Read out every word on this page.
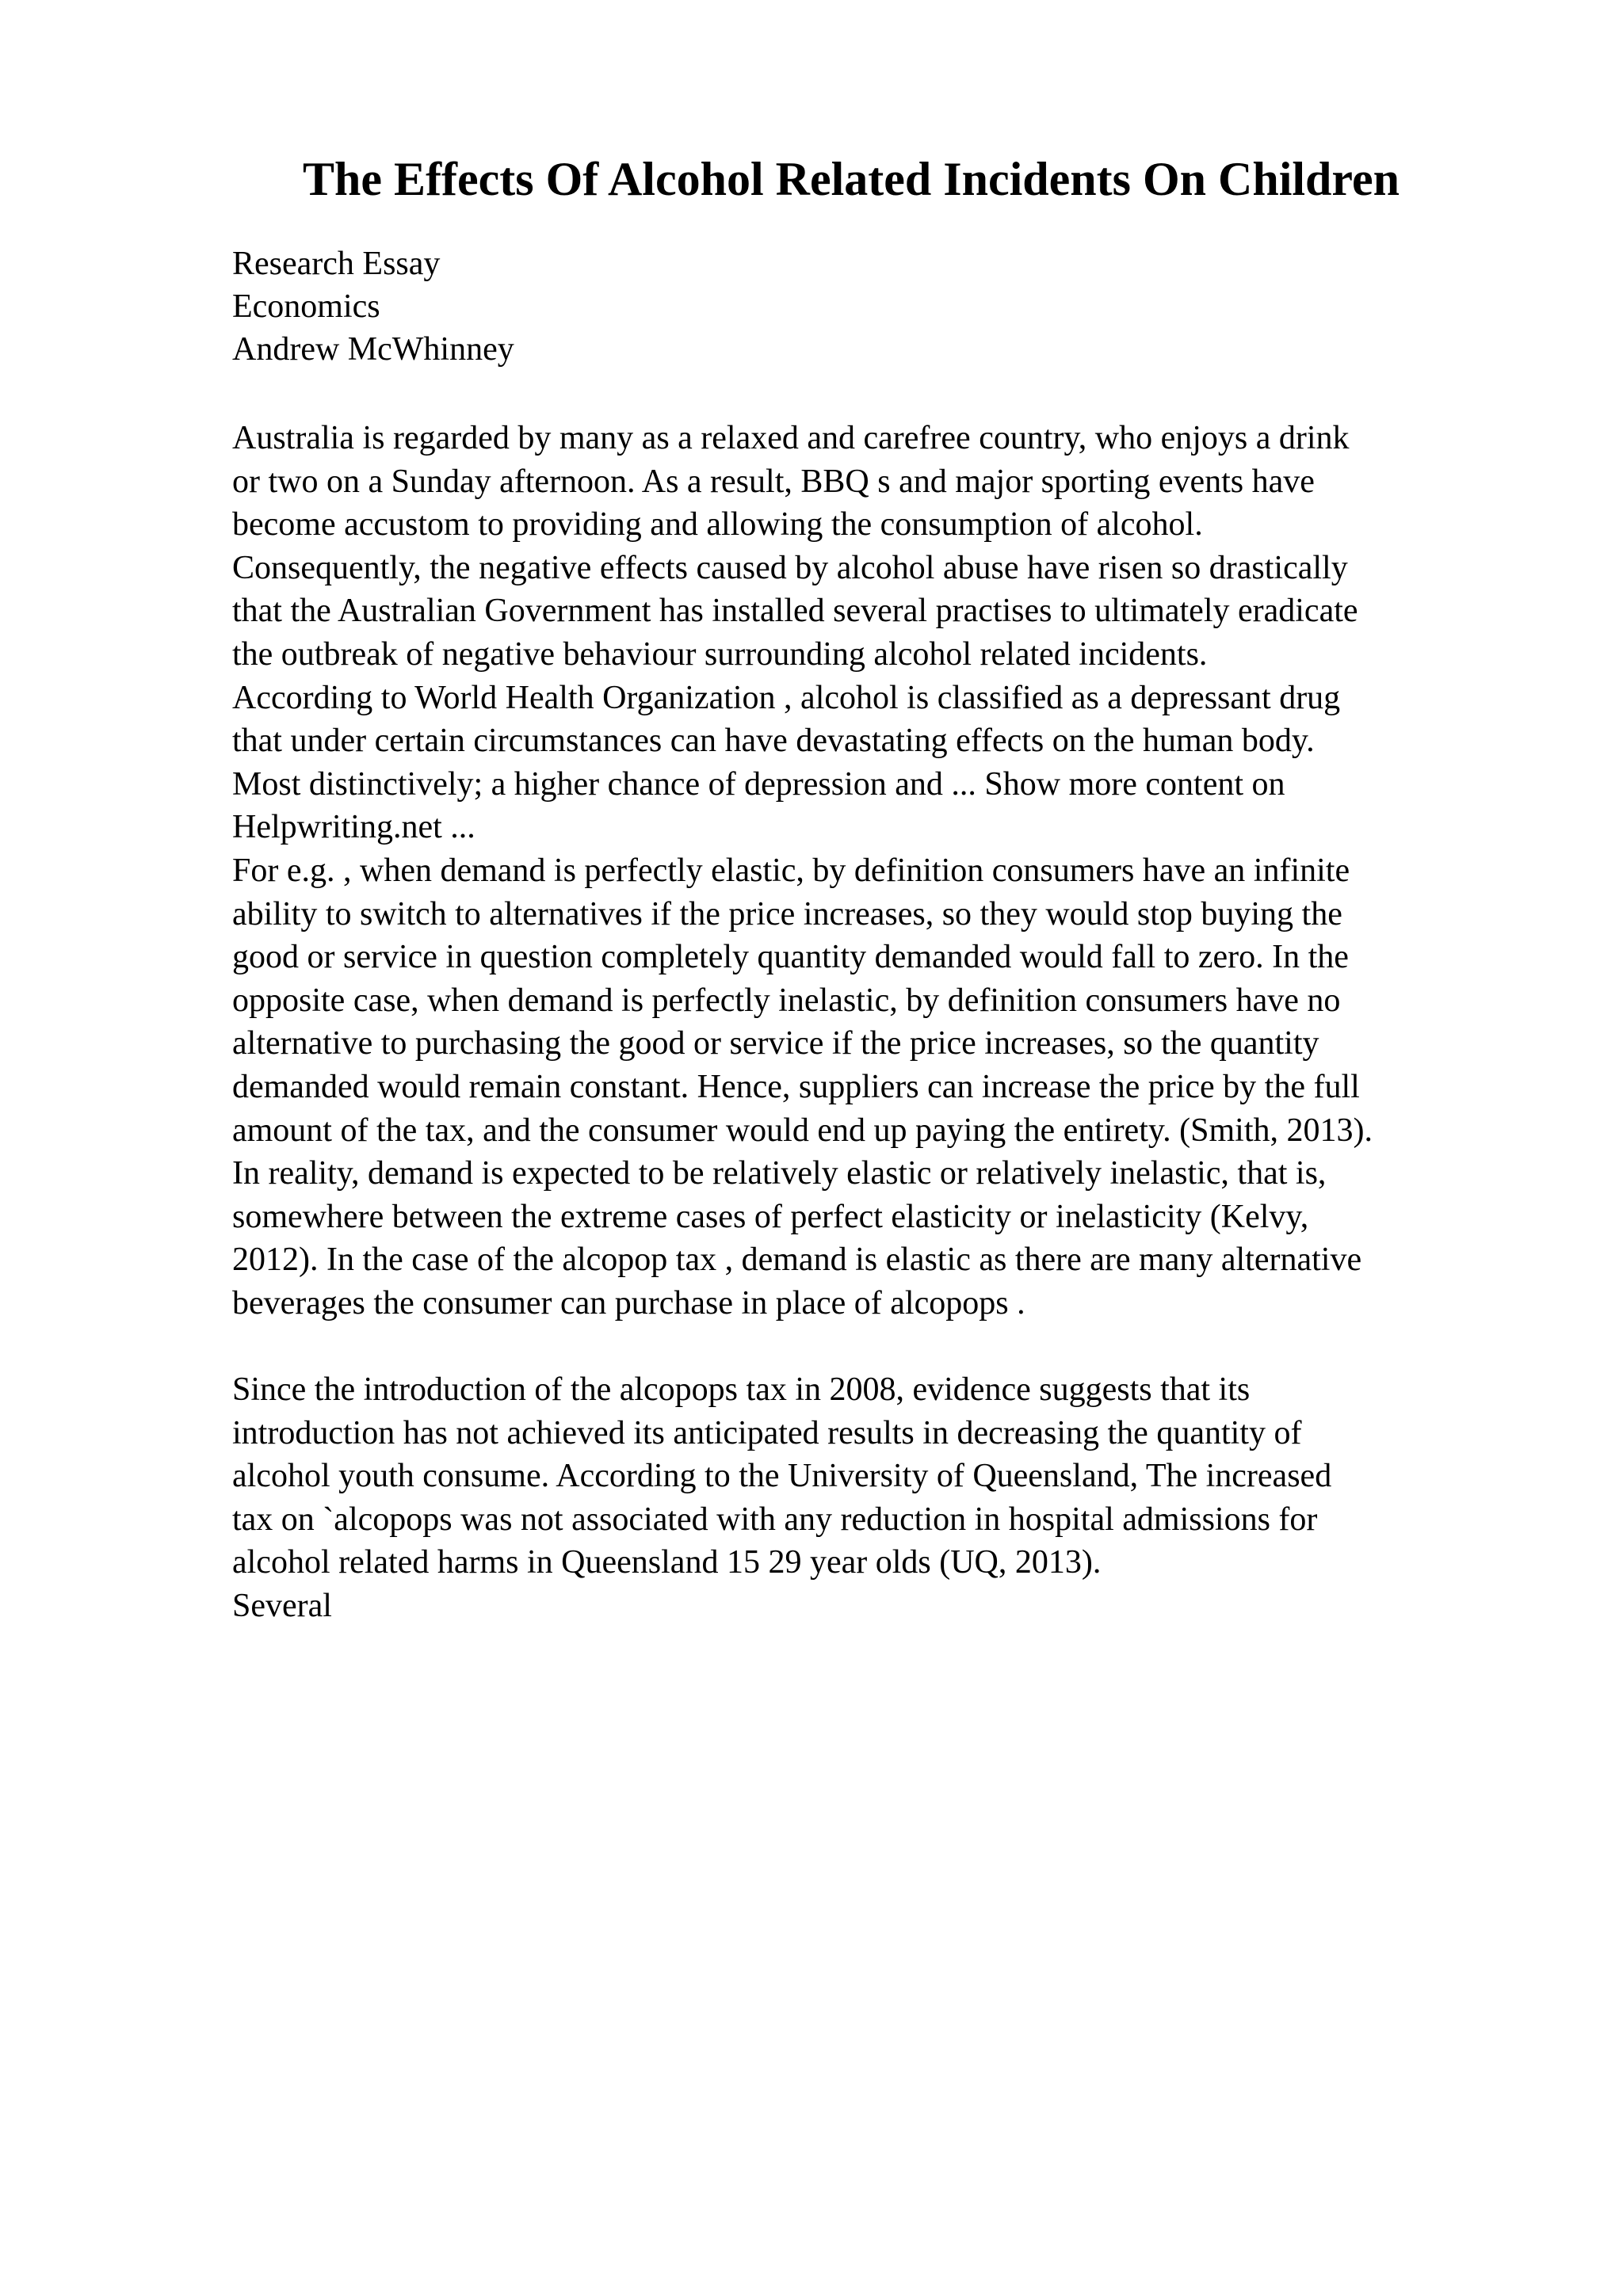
The Effects Of Alcohol Related Incidents On Children
Research Essay
Economics
Andrew McWhinney
Australia is regarded by many as a relaxed and carefree country, who enjoys a drink
or two on a Sunday afternoon. As a result, BBQ s and major sporting events have
become accustom to providing and allowing the consumption of alcohol.
Consequently, the negative effects caused by alcohol abuse have risen so drastically
that the Australian Government has installed several practises to ultimately eradicate
the outbreak of negative behaviour surrounding alcohol related incidents.
According to World Health Organization , alcohol is classified as a depressant drug
that under certain circumstances can have devastating effects on the human body.
Most distinctively; a higher chance of depression and ... Show more content on
Helpwriting.net ...
For e.g. , when demand is perfectly elastic, by definition consumers have an infinite
ability to switch to alternatives if the price increases, so they would stop buying the
good or service in question completely quantity demanded would fall to zero. In the
opposite case, when demand is perfectly inelastic, by definition consumers have no
alternative to purchasing the good or service if the price increases, so the quantity
demanded would remain constant. Hence, suppliers can increase the price by the full
amount of the tax, and the consumer would end up paying the entirety. (Smith, 2013).
In reality, demand is expected to be relatively elastic or relatively inelastic, that is,
somewhere between the extreme cases of perfect elasticity or inelasticity (Kelvy,
2012). In the case of the alcopop tax , demand is elastic as there are many alternative
beverages the consumer can purchase in place of alcopops .
Since the introduction of the alcopops tax in 2008, evidence suggests that its
introduction has not achieved its anticipated results in decreasing the quantity of
alcohol youth consume. According to the University of Queensland, The increased
tax on `alcopops was not associated with any reduction in hospital admissions for
alcohol related harms in Queensland 15 29 year olds (UQ, 2013).
Several
